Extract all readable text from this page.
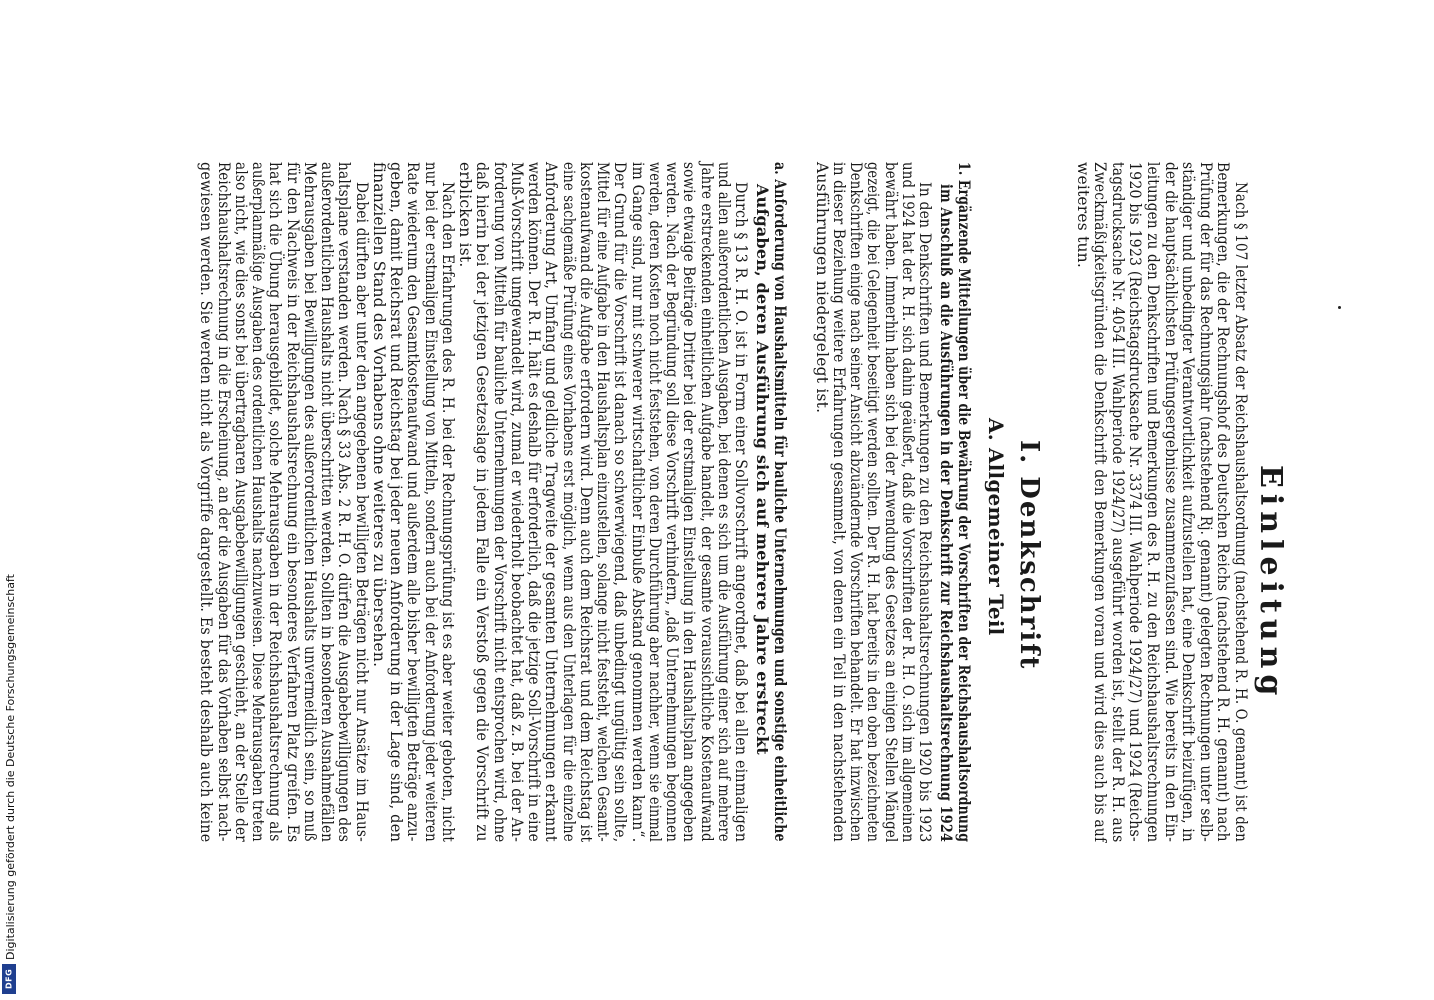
DFG
Digitalisierung gefördert durch die Deutsche Forschungsgemeinschaft	Einleitung
Nach § 107 letzter Absatz der Reichshaushaltsordnung (nachstehend R. H. O. genannt) ist den
Bemerkungen, die der Rechnungshof des Deutschen Reichs (nachstehend R. H. genannt) nach
Prüfung der für das Rechnungsjahr (nachstehend Rj. genannt) gelegten Rechnungen unter selb-
ständiger und unbedingter Verantwortlichkeit aufzustellen hat, eine Denkschrift beizufügen, in
der die hauptsächlichsten Prüfungsergebnisse zusammenzufassen sind. Wie bereits in den Ein-
leitungen zu den Denkschriften und Bemerkungen des R. H. zu den Reichshaushaltsrechnungen
1920 bis 1923 (Reichstagsdrucksache Nr. 3374 III. Wahlperiode 1924/27) und 1924 (Reichs-
tagsdrucksache Nr. 4054 III. Wahlperiode 1924/27) ausgeführt worden ist, stellt der R. H. aus
Zweckmäßigkeitsgründen die Denkschrift den Bemerkungen voran und wird dies auch bis auf
weiteres tun.
I. Denkschrift
A. Allgemeiner Teil
1. Ergänzende Mitteilungen über die Bewährung der Vorschriften der Reichshaushaltsordnung
im Anschluß an die Ausführungen in der Denkschrift zur Reichshaushaltsrechnung 1924
In den Denkschriften und Bemerkungen zu den Reichshaushaltsrechnungen 1920 bis 1923
und 1924 hat der R. H. sich dahin geäußert, daß die Vorschriften der R. H. O. sich im allgemeinen
bewährt haben. Immerhin haben sich bei der Anwendung des Gesetzes an einigen Stellen Mängel
gezeigt, die bei Gelegenheit beseitigt werden sollten. Der R. H. hat bereits in den oben bezeichneten
Denkschriften einige nach seiner Ansicht abzuändernde Vorschriften behandelt. Er hat inzwischen
in dieser Beziehung weitere Erfahrungen gesammelt, von denen ein Teil in den nachstehenden
Ausführungen niedergelegt ist.
a. Anforderung von Haushaltsmitteln für bauliche Unternehmungen und sonstige einheitliche
Aufgaben, deren Ausführung sich auf mehrere Jahre erstreckt
Durch § 13 R. H. O. ist in Form einer Sollvorschrift angeordnet, daß bei allen einmaligen
und allen außerordentlichen Ausgaben, bei denen es sich um die Ausführung einer sich auf mehrere
Jahre erstreckenden einheitlichen Aufgabe handelt, der gesamte voraussichtliche Kostenaufwand
sowie etwaige Beiträge Dritter bei der erstmaligen Einstellung in den Haushaltsplan angegeben
werden. Nach der Begründung soll diese Vorschrift verhindern, „daß Unternehmungen begonnen
werden, deren Kosten noch nicht feststehen, von deren Durchführung aber nachher, wenn sie einmal
im Gange sind, nur mit schwerer wirtschaftlicher Einbuße Abstand genommen werden kann“.
Der Grund für die Vorschrift ist danach so schwerwiegend, daß unbedingt ungültig sein sollte,
Mittel für eine Aufgabe in den Haushaltsplan einzustellen, solange nicht feststeht, welchen Gesamt-
kostenaufwand die Aufgabe erfordern wird. Denn auch dem Reichsrat und dem Reichstag ist
eine sachgemäße Prüfung eines Vorhabens erst möglich, wenn aus den Unterlagen für die einzelne
Anforderung Art, Umfang und geldliche Tragweite der gesamten Unternehmungen erkannt
werden können. Der R. H. hält es deshalb für erforderlich, daß die jetzige Soll-Vorschrift in eine
Muß-Vorschrift umgewandelt wird, zumal er wiederholt beobachtet hat, daß z. B. bei der An-
forderung von Mitteln für bauliche Unternehmungen der Vorschrift nicht entsprochen wird, ohne
daß hierin bei der jetzigen Gesetzeslage in jedem Falle ein Verstoß gegen die Vorschrift zu
erblicken ist.
Nach den Erfahrungen des R. H. bei der Rechnungsprüfung ist es aber weiter geboten, nicht
nur bei der erstmaligen Einstellung von Mitteln, sondern auch bei der Anforderung jeder weiteren
Rate wiederum den Gesamtkostenaufwand und außerdem alle bisher bewilligten Beträge anzu-
geben, damit Reichsrat und Reichstag bei jeder neuen Anforderung in der Lage sind, den
finanziellen Stand des Vorhabens ohne weiteres zu übersehen.
Dabei dürften aber unter den angegebenen bewilligten Beträgen nicht nur Ansätze im Haus-
haltsplane verstanden werden. Nach § 33 Abs. 2 R. H. O. dürfen die Ausgabebewilligungen des
außerordentlichen Haushalts nicht überschritten werden. Sollten in besonderen Ausnahmefällen
Mehrausgaben bei Bewilligungen des außerordentlichen Haushalts unvermeidlich sein, so muß
für den Nachweis in der Reichshaushaltsrechnung ein besonderes Verfahren Platz greifen. Es
hat sich die Übung herausgebildet, solche Mehrausgaben in der Reichshaushaltsrechnung als
außerplanmäßige Ausgaben des ordentlichen Haushalts nachzuweisen. Diese Mehrausgaben treten
also nicht, wie dies sonst bei übertragbaren Ausgabebewilligungen geschieht, an der Stelle der
Reichshaushaltsrechnung in die Erscheinung, an der die Ausgaben für das Vorhaben selbst nach-
gewiesen werden. Sie werden nicht als Vorgriffe dargestellt. Es besteht deshalb auch keine
